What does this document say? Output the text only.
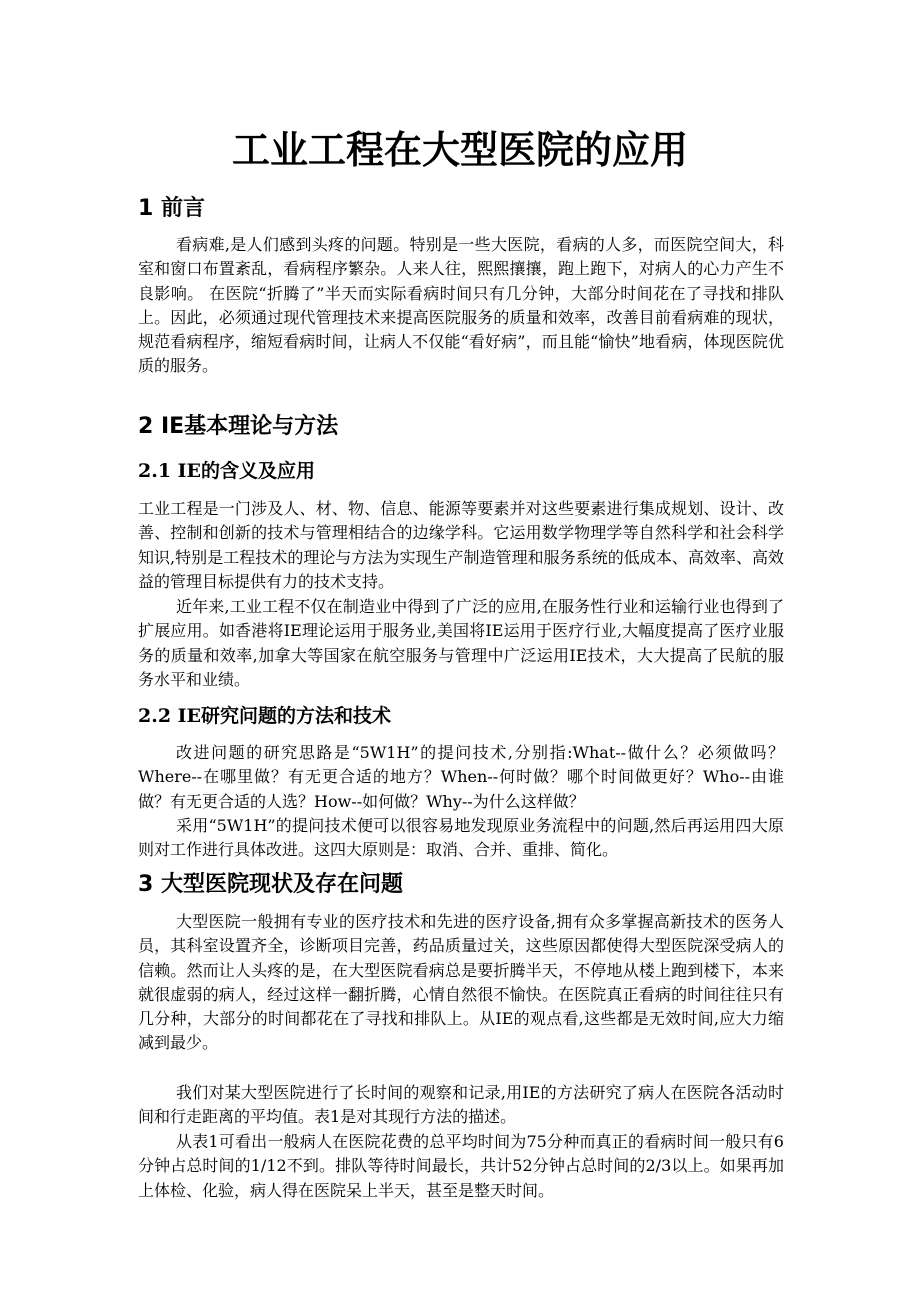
工业工程在大型医院的应用
1 前言

看病难,是人们感到头疼的问题。特别是一些大医院，看病的人多，而医院空间大，科室和窗口布置紊乱，看病程序繁杂。人来人往，熙熙攘攘，跑上跑下，对病人的心力产生不良影响。 在医院“折腾了”半天而实际看病时间只有几分钟，大部分时间花在了寻找和排队上。因此，必须通过现代管理技术来提高医院服务的质量和效率，改善目前看病难的现状，规范看病程序，缩短看病时间，让病人不仅能“看好病”，而且能“愉快”地看病，体现医院优质的服务。

2 IE基本理论与方法
2.1 IE的含义及应用

工业工程是一门涉及人、材、物、信息、能源等要素并对这些要素进行集成规划、设计、改善、控制和创新的技术与管理相结合的边缘学科。它运用数学物理学等自然科学和社会科学知识,特别是工程技术的理论与方法为实现生产制造管理和服务系统的低成本、高效率、高效益的管理目标提供有力的技术支持。

近年来,工业工程不仅在制造业中得到了广泛的应用,在服务性行业和运输行业也得到了扩展应用。如香港将IE理论运用于服务业,美国将IE运用于医疗行业,大幅度提高了医疗业服务的质量和效率,加拿大等国家在航空服务与管理中广泛运用IE技术，大大提高了民航的服务水平和业绩。

2.2 IE研究问题的方法和技术

改进问题的研究思路是“5W1H”的提问技术,分别指:What--做什么？必须做吗？Where--在哪里做？有无更合适的地方？When--何时做？哪个时间做更好？Who--由谁做？有无更合适的人选？How--如何做？Why--为什么这样做？

采用“5W1H”的提问技术便可以很容易地发现原业务流程中的问题,然后再运用四大原则对工作进行具体改进。这四大原则是：取消、合并、重排、简化。

3 大型医院现状及存在问题

大型医院一般拥有专业的医疗技术和先进的医疗设备,拥有众多掌握高新技术的医务人员，其科室设置齐全，诊断项目完善，药品质量过关，这些原因都使得大型医院深受病人的信赖。然而让人头疼的是，在大型医院看病总是要折腾半天，不停地从楼上跑到楼下，本来就很虚弱的病人，经过这样一翻折腾，心情自然很不愉快。在医院真正看病的时间往往只有几分种，大部分的时间都花在了寻找和排队上。从IE的观点看,这些都是无效时间,应大力缩减到最少。

我们对某大型医院进行了长时间的观察和记录,用IE的方法研究了病人在医院各活动时间和行走距离的平均值。表1是对其现行方法的描述。

从表1可看出一般病人在医院花费的总平均时间为75分种而真正的看病时间一般只有6分钟占总时间的1/12不到。排队等待时间最长，共计52分钟占总时间的2/3以上。如果再加上体检、化验，病人得在医院呆上半天，甚至是整天时间。
